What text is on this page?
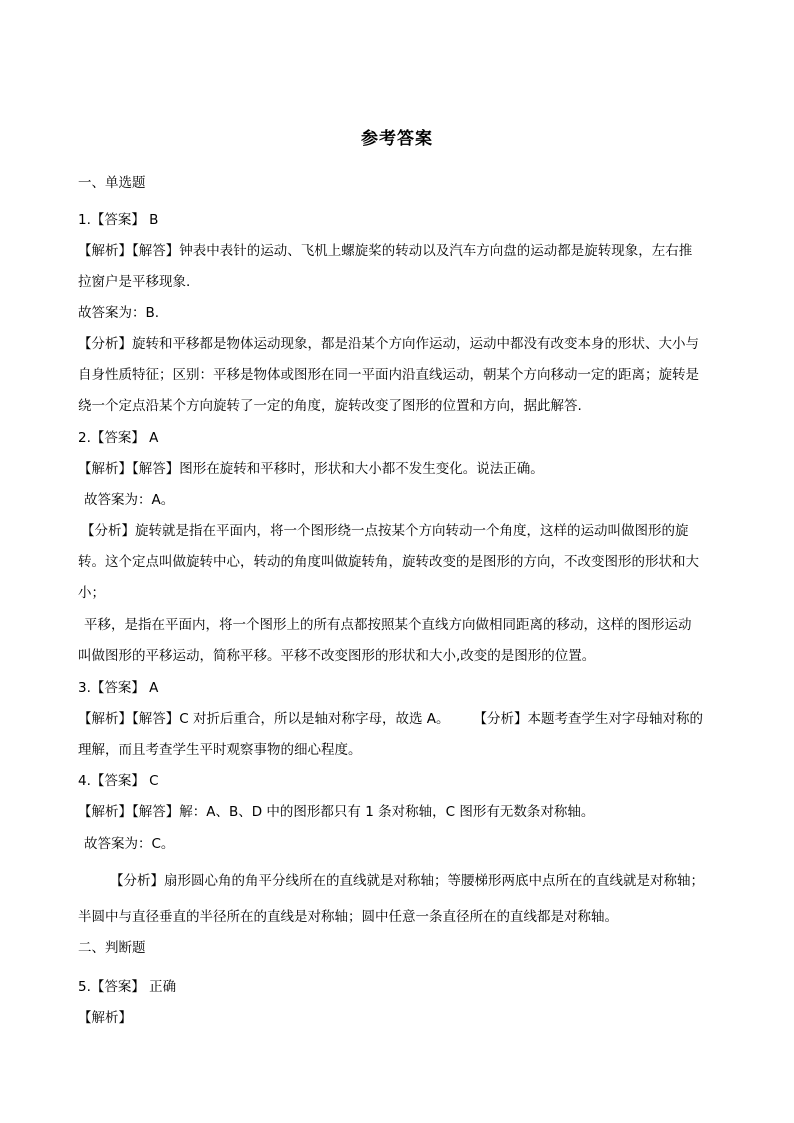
参考答案
一、单选题
1.【答案】 B
【解析】【解答】钟表中表针的运动、飞机上螺旋桨的转动以及汽车方向盘的运动都是旋转现象，左右推
拉窗户是平移现象.
故答案为：B.
【分析】旋转和平移都是物体运动现象，都是沿某个方向作运动，运动中都没有改变本身的形状、大小与
自身性质特征；区别：平移是物体或图形在同一平面内沿直线运动，朝某个方向移动一定的距离；旋转是
绕一个定点沿某个方向旋转了一定的角度，旋转改变了图形的位置和方向，据此解答.
2.【答案】 A
【解析】【解答】图形在旋转和平移时，形状和大小都不发生变化。说法正确。
故答案为：A。
【分析】旋转就是指在平面内，将一个图形绕一点按某个方向转动一个角度，这样的运动叫做图形的旋
转。这个定点叫做旋转中心，转动的角度叫做旋转角，旋转改变的是图形的方向，不改变图形的形状和大
小；
平移，是指在平面内，将一个图形上的所有点都按照某个直线方向做相同距离的移动，这样的图形运动
叫做图形的平移运动，简称平移。平移不改变图形的形状和大小,改变的是图形的位置。
3.【答案】 A
【解析】【解答】C 对折后重合，所以是轴对称字母，故选 A。 【分析】本题考查学生对字母轴对称的
理解，而且考查学生平时观察事物的细心程度。
4.【答案】 C
【解析】【解答】解：A、B、D 中的图形都只有 1 条对称轴，C 图形有无数条对称轴。
故答案为：C。
【分析】扇形圆心角的角平分线所在的直线就是对称轴；等腰梯形两底中点所在的直线就是对称轴；
半圆中与直径垂直的半径所在的直线是对称轴；圆中任意一条直径所在的直线都是对称轴。
二、判断题
5.【答案】 正确
【解析】
